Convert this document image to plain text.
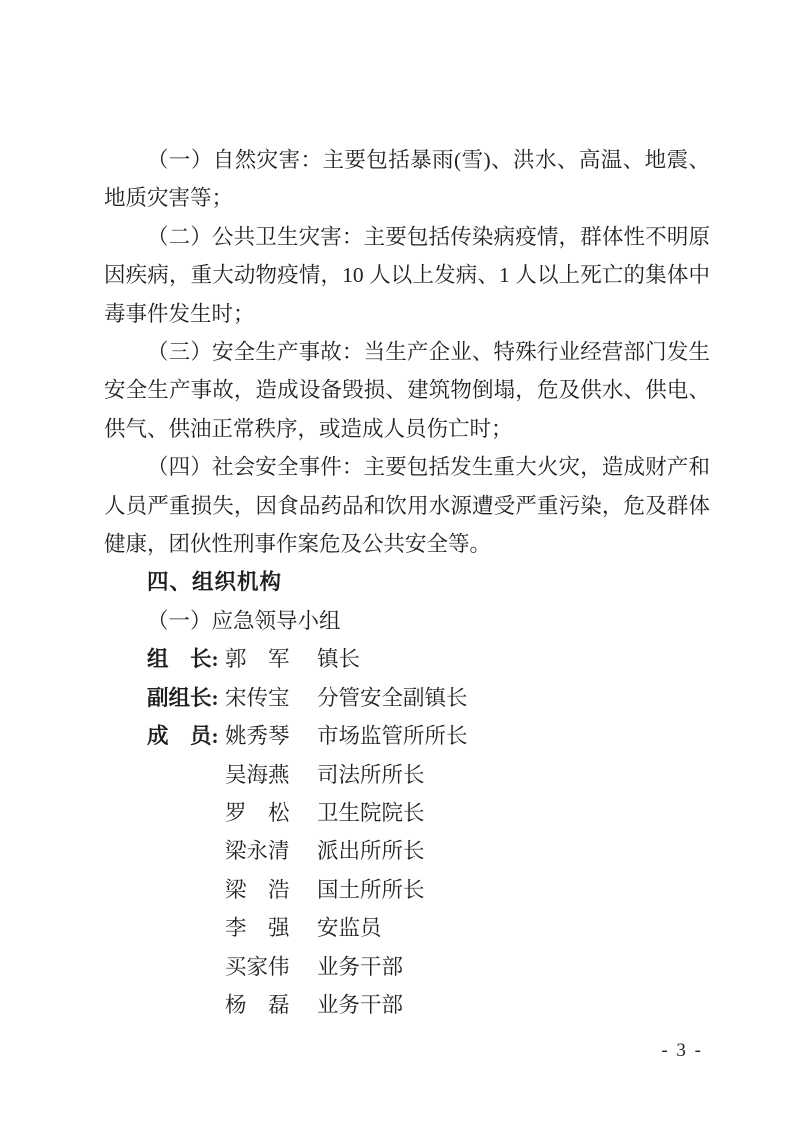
（一）自然灾害：主要包括暴雨(雪)、洪水、高温、地震、地质灾害等；

（二）公共卫生灾害：主要包括传染病疫情，群体性不明原因疾病，重大动物疫情，10 人以上发病、1 人以上死亡的集体中毒事件发生时；

（三）安全生产事故：当生产企业、特殊行业经营部门发生安全生产事故，造成设备毁损、建筑物倒塌，危及供水、供电、供气、供油正常秩序，或造成人员伤亡时；

（四）社会安全事件：主要包括发生重大火灾，造成财产和人员严重损失，因食品药品和饮用水源遭受严重污染，危及群体健康，团伙性刑事作案危及公共安全等。

四、组织机构

（一）应急领导小组

组　长: 郭　军	镇长
副组长: 宋传宝	分管安全副镇长
成　员: 姚秀琴	市场监管所所长
吴海燕	司法所所长
罗　松	卫生院院长
梁永清	派出所所长
梁　浩	国土所所长
李　强	安监员
买家伟	业务干部
杨　磊	业务干部
- 3 -
